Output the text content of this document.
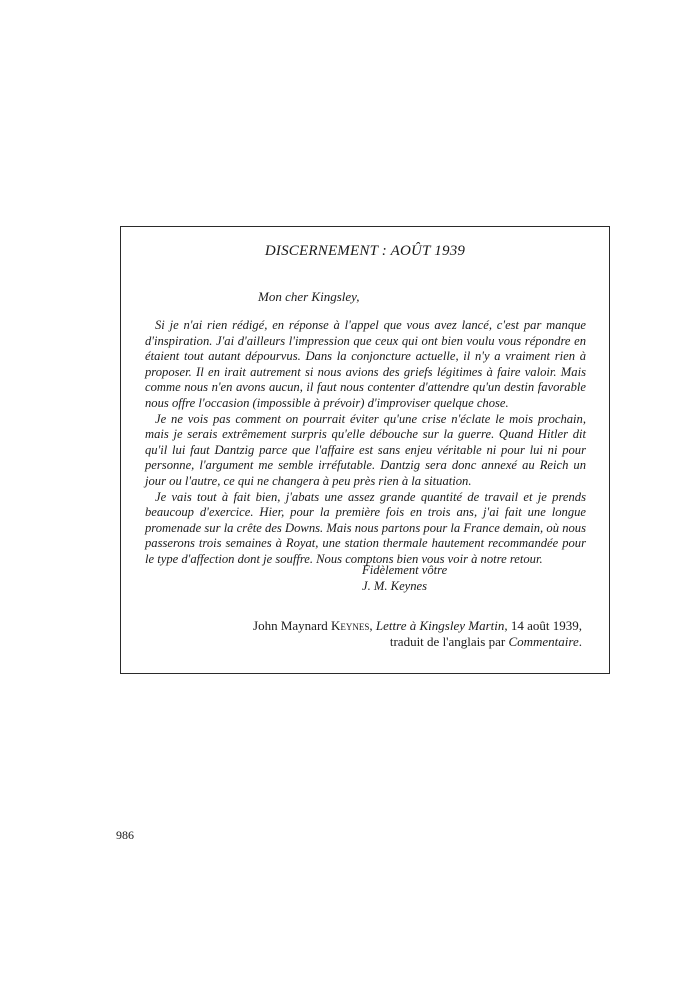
DISCERNEMENT : AOÛT 1939
Mon cher Kingsley,

Si je n'ai rien rédigé, en réponse à l'appel que vous avez lancé, c'est par manque d'inspiration. J'ai d'ailleurs l'impression que ceux qui ont bien voulu vous répondre en étaient tout autant dépourvus. Dans la conjoncture actuelle, il n'y a vraiment rien à proposer. Il en irait autrement si nous avions des griefs légitimes à faire valoir. Mais comme nous n'en avons aucun, il faut nous contenter d'attendre qu'un destin favorable nous offre l'occasion (impossible à prévoir) d'improviser quelque chose.

Je ne vois pas comment on pourrait éviter qu'une crise n'éclate le mois prochain, mais je serais extrêmement surpris qu'elle débouche sur la guerre. Quand Hitler dit qu'il lui faut Dantzig parce que l'affaire est sans enjeu véritable ni pour lui ni pour personne, l'argument me semble irréfutable. Dantzig sera donc annexé au Reich un jour ou l'autre, ce qui ne changera à peu près rien à la situation.

Je vais tout à fait bien, j'abats une assez grande quantité de travail et je prends beaucoup d'exercice. Hier, pour la première fois en trois ans, j'ai fait une longue promenade sur la crête des Downs. Mais nous partons pour la France demain, où nous passerons trois semaines à Royat, une station thermale hautement recommandée pour le type d'affection dont je souffre. Nous comptons bien vous voir à notre retour.

Fidèlement vôtre
J. M. Keynes
John Maynard Keynes, Lettre à Kingsley Martin, 14 août 1939,
traduit de l'anglais par Commentaire.
986
